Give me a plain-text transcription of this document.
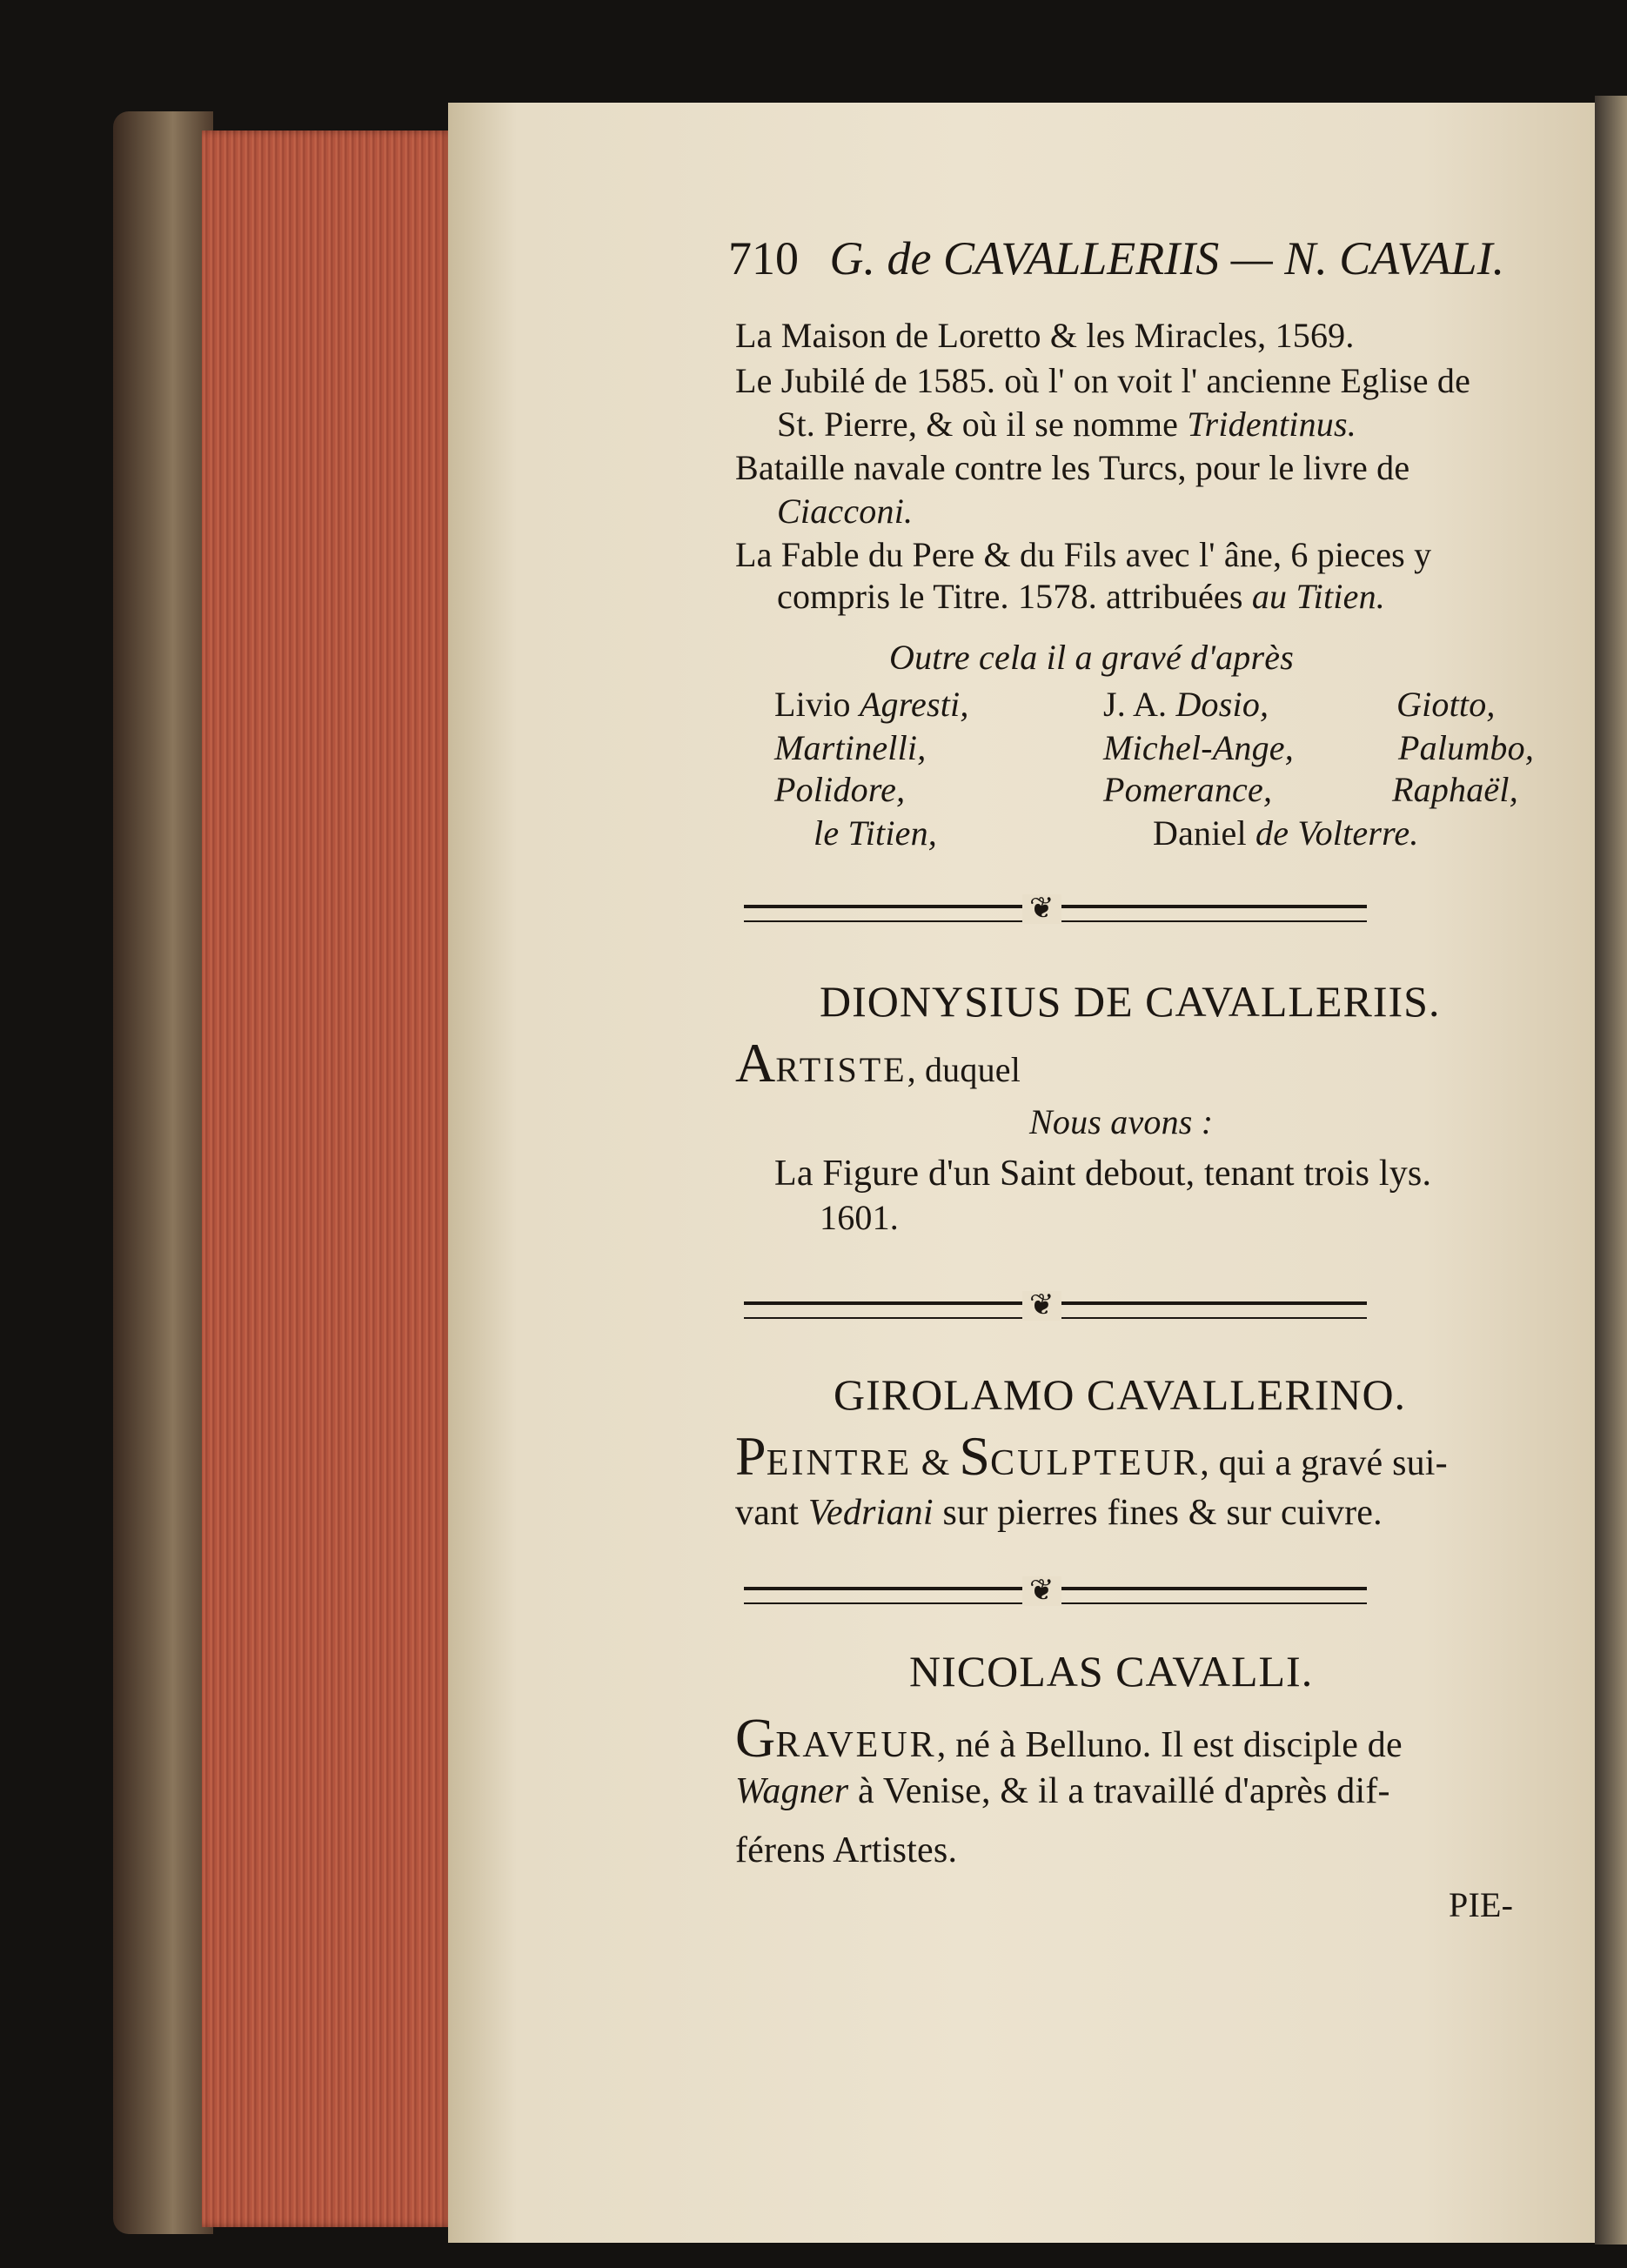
710 G. de CAVALLERIIS — N. CAVALI.
La Maison de Loretto & les Miracles, 1569.
Le Jubilé de 1585. où l' on voit l' ancienne Eglise de
St. Pierre, & où il se nomme Tridentinus.
Bataille navale contre les Turcs, pour le livre de
Ciacconi.
La Fable du Pere & du Fils avec l' âne, 6 pieces y
compris le Titre. 1578. attribuées au Titien.
Outre cela il a gravé d'après
Livio Agresti,	J. A. Dosio,	Giotto,
Martinelli,	Michel-Ange,	Palumbo,
Polidore,	Pomerance,	Raphaël,
le Titien,	Daniel de Volterre.
❦
DIONYSIUS DE CAVALLERIIS.
ARTISTE, duquel
Nous avons :
La Figure d'un Saint debout, tenant trois lys.
1601.
❦
GIROLAMO CAVALLERINO.
PEINTRE & SCULPTEUR, qui a gravé sui-
vant Vedriani sur pierres fines & sur cuivre.
❦
NICOLAS CAVALLI.
GRAVEUR, né à Belluno. Il est disciple de
Wagner à Venise, & il a travaillé d'après dif-
férens Artistes.
PIE-
